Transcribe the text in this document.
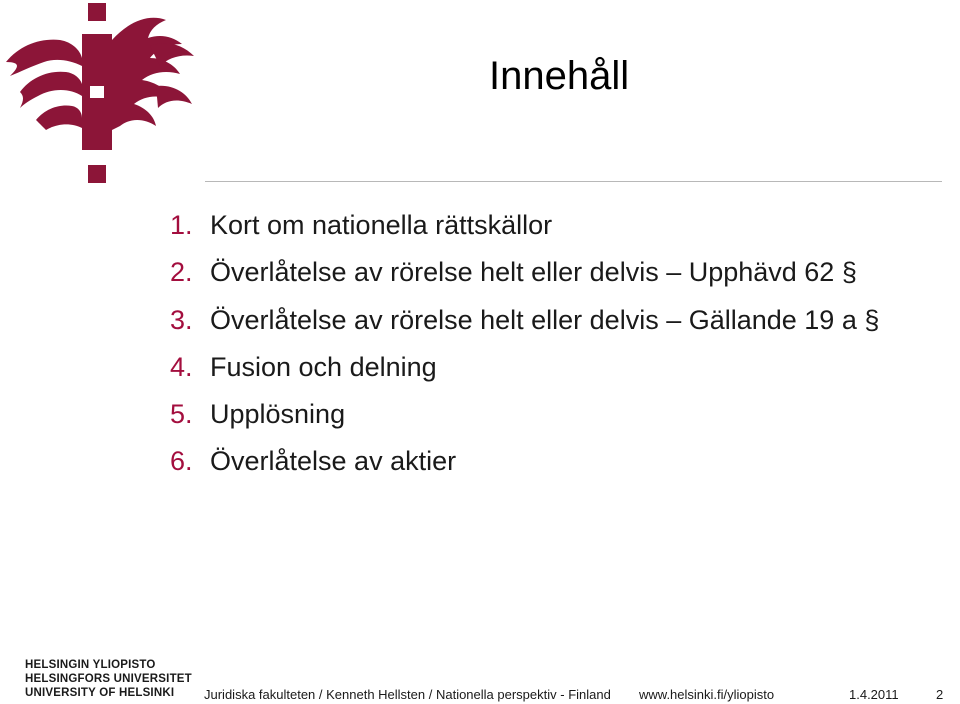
Innehåll
1. Kort om nationella rättskällor
2. Överlåtelse av rörelse helt eller delvis – Upphävd 62 §
3. Överlåtelse av rörelse helt eller delvis – Gällande 19 a §
4. Fusion och delning
5. Upplösning
6. Överlåtelse av aktier
HELSINGIN YLIOPISTO
HELSINGFORS UNIVERSITET
UNIVERSITY OF HELSINKI	Juridiska fakulteten / Kenneth Hellsten / Nationella perspektiv - Finland www.helsinki.fi/yliopisto	1.4.2011	2
